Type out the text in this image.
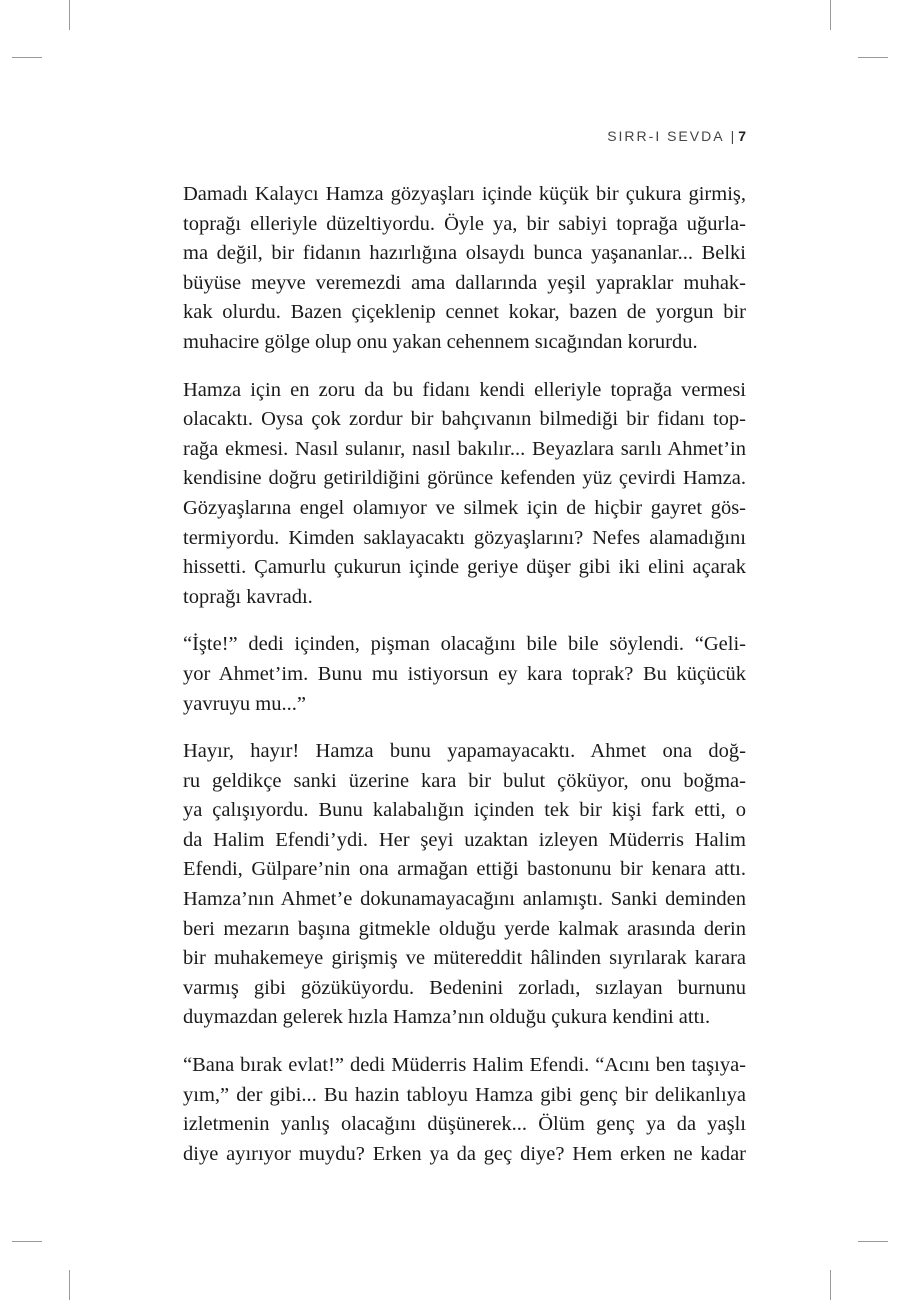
SIRR-I SEVDA | 7

Damadı Kalaycı Hamza gözyaşları içinde küçük bir çukura girmiş,
toprağı elleriyle düzeltiyordu. Öyle ya, bir sabiyi toprağa uğurla-
ma değil, bir fidanın hazırlığına olsaydı bunca yaşananlar... Belki
büyüse meyve veremezdi ama dallarında yeşil yapraklar muhak-
kak olurdu. Bazen çiçeklenip cennet kokar, bazen de yorgun bir
muhacire gölge olup onu yakan cehennem sıcağından korurdu.

Hamza için en zoru da bu fidanı kendi elleriyle toprağa vermesi
olacaktı. Oysa çok zordur bir bahçıvanın bilmediği bir fidanı top-
rağa ekmesi. Nasıl sulanır, nasıl bakılır... Beyazlara sarılı Ahmet’in
kendisine doğru getirildiğini görünce kefenden yüz çevirdi Hamza.
Gözyaşlarına engel olamıyor ve silmek için de hiçbir gayret gös-
termiyordu. Kimden saklayacaktı gözyaşlarını? Nefes alamadığını
hissetti. Çamurlu çukurun içinde geriye düşer gibi iki elini açarak
toprağı kavradı.

“İşte!” dedi içinden, pişman olacağını bile bile söylendi. “Geli-
yor Ahmet’im. Bunu mu istiyorsun ey kara toprak? Bu küçücük
yavruyu mu...”

Hayır, hayır! Hamza bunu yapamayacaktı. Ahmet ona doğ-
ru geldikçe sanki üzerine kara bir bulut çöküyor, onu boğma-
ya çalışıyordu. Bunu kalabalığın içinden tek bir kişi fark etti, o
da Halim Efendi’ydi. Her şeyi uzaktan izleyen Müderris Halim
Efendi, Gülpare’nin ona armağan ettiği bastonunu bir kenara attı.
Hamza’nın Ahmet’e dokunamayacağını anlamıştı. Sanki deminden
beri mezarın başına gitmekle olduğu yerde kalmak arasında derin
bir muhakemeye girişmiş ve mütereddit hâlinden sıyrılarak karara
varmış gibi gözüküyordu. Bedenini zorladı, sızlayan burnunu
duymazdan gelerek hızla Hamza’nın olduğu çukura kendini attı.

“Bana bırak evlat!” dedi Müderris Halim Efendi. “Acını ben taşıya-
yım,” der gibi... Bu hazin tabloyu Hamza gibi genç bir delikanlıya
izletmenin yanlış olacağını düşünerek... Ölüm genç ya da yaşlı
diye ayırıyor muydu? Erken ya da geç diye? Hem erken ne kadar
